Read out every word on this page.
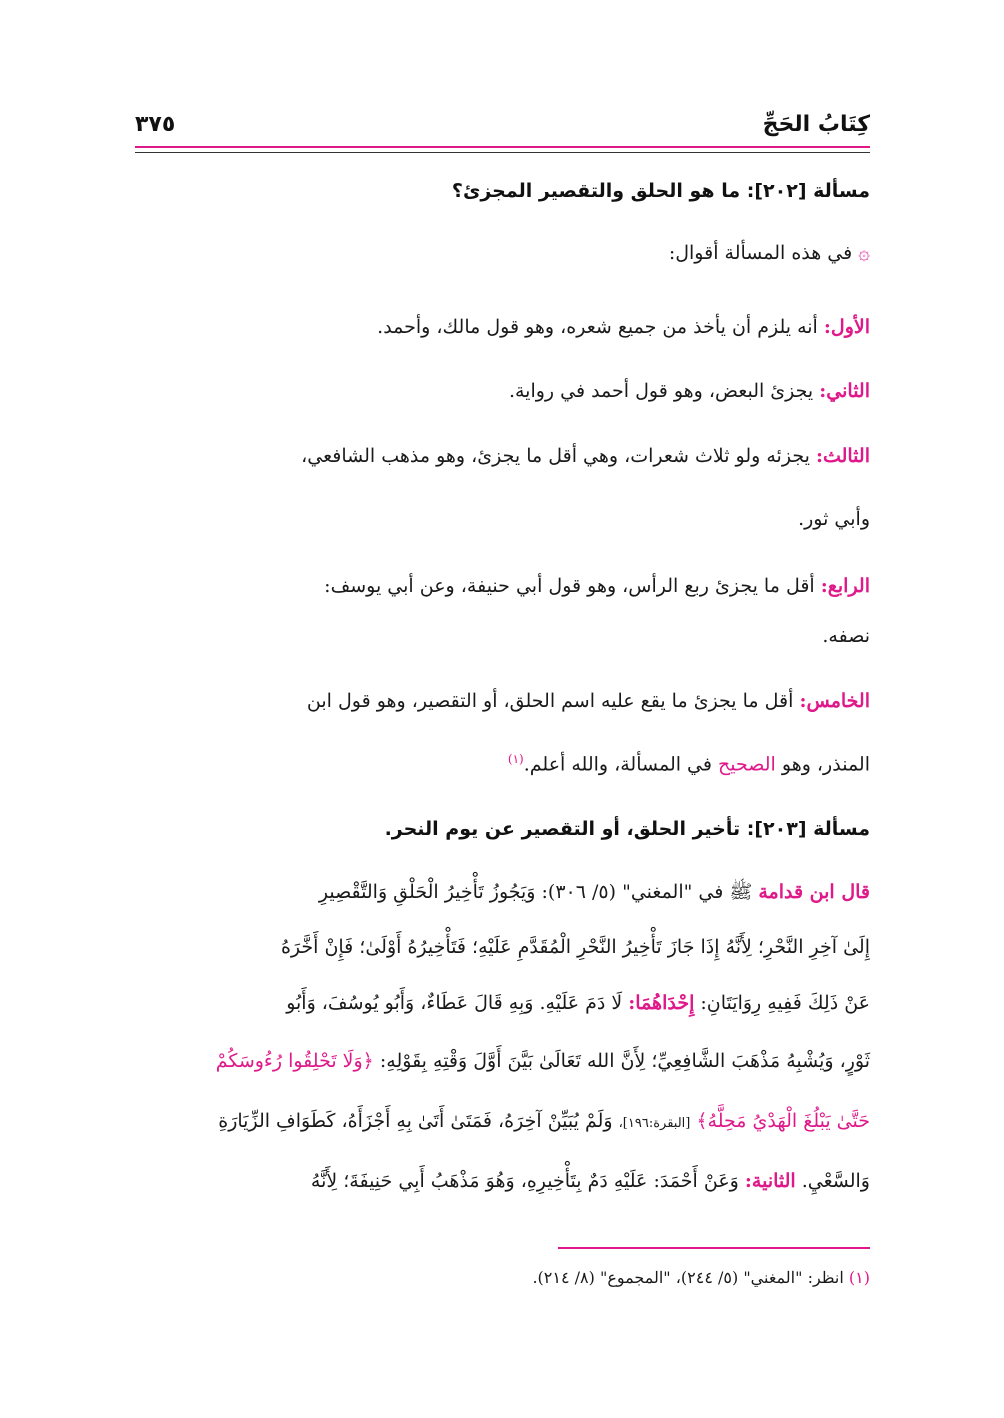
كِتَابُ الحَجِّ
٣٧٥
مسألة [٢٠٢]: ما هو الحلق والتقصير المجزئ؟
۞ في هذه المسألة أقوال:
الأول: أنه يلزم أن يأخذ من جميع شعره، وهو قول مالك، وأحمد.
الثاني: يجزئ البعض، وهو قول أحمد في رواية.
الثالث: يجزئه ولو ثلاث شعرات، وهي أقل ما يجزئ، وهو مذهب الشافعي،
وأبي ثور.
الرابع: أقل ما يجزئ ربع الرأس، وهو قول أبي حنيفة، وعن أبي يوسف:
نصفه.
الخامس: أقل ما يجزئ ما يقع عليه اسم الحلق، أو التقصير، وهو قول ابن
المنذر، وهو الصحيح في المسألة، والله أعلم.$^{(١)}$
مسألة [٢٠٣]: تأخير الحلق، أو التقصير عن يوم النحر.
قال ابن قدامة ﷺ في "المغني" (٥/ ٣٠٦): وَيَجُوزُ تَأْخِيرُ الْحَلْقِ وَالتَّقْصِيرِ
إِلَىٰ آخِرِ النَّحْرِ؛ لِأَنَّهُ إِذَا جَازَ تَأْخِيرُ النَّحْرِ الْمُقَدَّمِ عَلَيْهِ؛ فَتَأْخِيرُهُ أَوْلَىٰ؛ فَإِنْ أَخَّرَهُ
عَنْ ذَلِكَ فَفِيهِ رِوَايَتَانِ: إِحْدَاهُمَا: لَا دَمَ عَلَيْهِ. وَبِهِ قَالَ عَطَاءٌ، وَأَبُو يُوسُفَ، وَأَبُو
ثَوْرٍ، وَيُشْبِهُ مَذْهَبَ الشَّافِعِيِّ؛ لِأَنَّ الله تَعَالَىٰ بَيَّنَ أَوَّلَ وَقْتِهِ بِقَوْلِهِ: ﴿وَلَا تَحْلِقُوا رُءُوسَكُمْ
حَتَّىٰ يَبْلُغَ الْهَدْيُ مَحِلَّهُ﴾ [البقرة:١٩٦]، وَلَمْ يُبَيِّنْ آخِرَهُ، فَمَتَىٰ أَتَىٰ بِهِ أَجْزَأَهُ، كَطَوَافِ الزِّيَارَةِ
وَالسَّعْيِ. الثانية: وَعَنْ أَحْمَدَ: عَلَيْهِ دَمٌ بِتَأْخِيرِهِ، وَهُوَ مَذْهَبُ أَبِي حَنِيفَةَ؛ لِأَنَّهُ
(١) انظر: "المغني" (٥/ ٢٤٤)، "المجموع" (٨/ ٢١٤).
